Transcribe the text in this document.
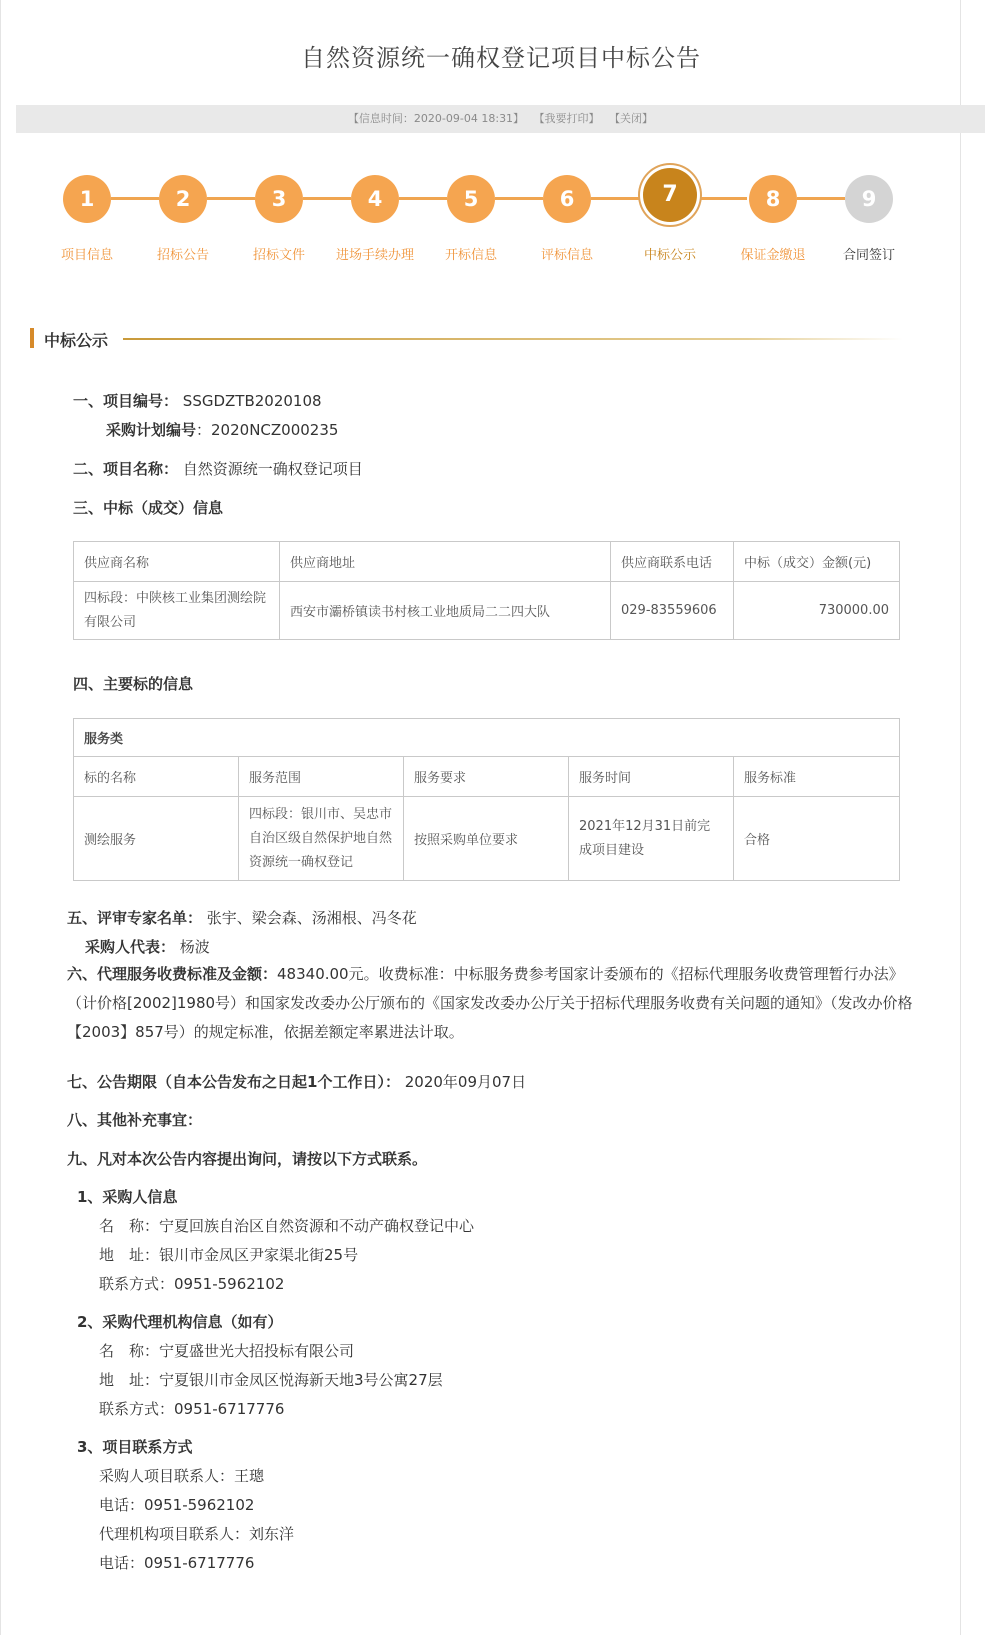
自然资源统一确权登记项目中标公告
【信息时间：2020-09-04 18:31】 【我要打印】 【关闭】
1	2	3	4	5	6	7	8	9
项目信息	招标公告	招标文件	进场手续办理	开标信息	评标信息	中标公示	保证金缴退	合同签订
中标公示
一、项目编号： SSGDZTB2020108
采购计划编号：2020NCZ000235
二、项目名称： 自然资源统一确权登记项目
三、中标（成交）信息
供应商名称	供应商地址	供应商联系电话	中标（成交）金额(元)
四标段：中陕核工业集团测绘院有限公司	西安市灞桥镇读书村核工业地质局二二四大队	029-83559606	730000.00
四、主要标的信息
服务类				
标的名称	服务范围	服务要求	服务时间	服务标准
测绘服务	四标段：银川市、吴忠市自治区级自然保护地自然资源统一确权登记	按照采购单位要求	2021年12月31日前完成项目建设	合格
五、评审专家名单： 张宇、梁会森、汤湘根、冯冬花
采购人代表： 杨波
六、代理服务收费标准及金额：48340.00元。收费标准：中标服务费参考国家计委颁布的《招标代理服务收费管理暂行办法》（计价格[2002]1980号）和国家发改委办公厅颁布的《国家发改委办公厅关于招标代理服务收费有关问题的通知》（发改办价格【2003】857号）的规定标准，依据差额定率累进法计取。
七、公告期限（自本公告发布之日起1个工作日）： 2020年09月07日
八、其他补充事宜：
九、凡对本次公告内容提出询问，请按以下方式联系。
1、采购人信息
名　称：宁夏回族自治区自然资源和不动产确权登记中心
地　址：银川市金凤区尹家渠北街25号
联系方式：0951-5962102
2、采购代理机构信息（如有）
名　称：宁夏盛世光大招投标有限公司
地　址：宁夏银川市金凤区悦海新天地3号公寓27层
联系方式：0951-6717776
3、项目联系方式
采购人项目联系人：王璁
电话：0951-5962102
代理机构项目联系人：刘东洋
电话：0951-6717776
